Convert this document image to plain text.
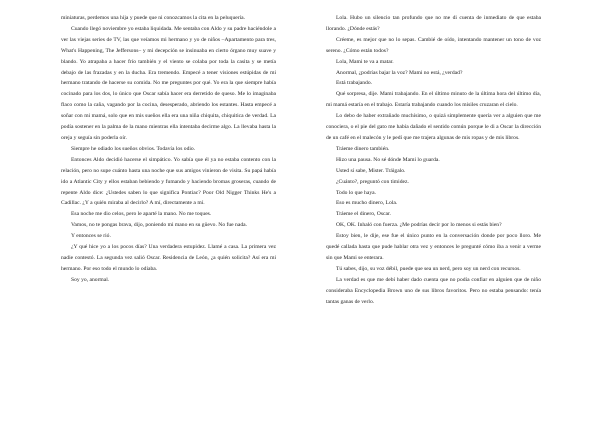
miniaturas, perdemos una hija y puede que ni conozcamos la cita en la peluquería.

Cuando llegó noviembre yo estaba liquidada. Me sentaba con Aldo y su padre haciéndole a ver las viejas series de TV, las que veíamos mi hermano y yo de niños –Apartamento para tres, What's Happening, The Jeffersons– y mi decepción se insinuaba en cierto órgano muy suave y blando. Yo atrapaba a hacer frío también y el viento se colaba por toda la casita y se metía debajo de las frazadas y en la ducha. Era tremendo. Empecé a tener visiones estúpidas de mi hermano tratando de hacerse su comida. No me preguntes por qué. Yo era la que siempre había cocinado para los dos, lo único que Oscar sabía hacer era derretido de queso. Me lo imaginaba flaco como la caña, vagando por la cocina, desesperado, abriendo los estantes. Hasta empecé a soñar con mi mamá, solo que en mis sueños ella era una niña chiquita, chiquitica de verdad. La podía sostener en la palma de la mano mientras ella intentaba decirme algo. La llevaba hasta la oreja y seguía sin poderla oír.

Siempre he odiado los sueños obvios. Todavía los odio.

Entonces Aldo decidió hacerse el simpático. Yo sabía que él ya no estaba contento con la relación, pero no supe cuánto hasta una noche que sus amigos vinieron de visita. Su papá había ido a Atlantic City y ellos estaban bebiendo y fumando y haciendo bromas groseras, cuando de repente Aldo dice: ¿Ustedes saben lo que significa Pontiac? Poor Old Nigger Thinks He's a Cadillac. ¿Y a quién miraba al decirlo? A mí, directamente a mí.

Esa noche me dio celos, pero le aparté la mano. No me toques.

Vamos, no te pongas brava, dijo, poniendo mi mano en su güevo. No fue nada.

Y entonces se rió.

¿Y qué hice yo a los pocos días? Una verdadera estupidez. Llamé a casa. La primera vez nadie contestó. La segunda vez salió Oscar. Residencia de León, ¿a quién solicita? Así era mi hermano. Por eso todo el mundo lo odiaba.

Soy yo, anormal.

Lola. Hubo un silencio tan profundo que no me di cuenta de inmediato de que estaba llorando. ¿Dónde estás?

Créeme, es mejor que no lo sepas. Cambié de oído, intentando mantener un tono de voz sereno. ¿Cómo están todos?

Lola, Mami te va a matar.

Anormal, ¿podrías bajar la voz? Mami no está, ¿verdad?

Está trabajando.

Qué sorpresa, dije. Mami trabajando. En el último minuto de la última hora del último día, mi mamá estaría en el trabajo. Estaría trabajando cuando los misiles cruzaran el cielo.

Lo debo de haber extrañado muchísimo, o quizá simplemente quería ver a alguien que me conociera, o el pie del gato me había dañado el sentido común porque le di a Oscar la dirección de un café en el malecón y le pedí que me trajera algunas de mis ropas y de mis libros.

Tráeme dinero también.

Hizo una pausa. No sé dónde Mami lo guarda.

Usted sí sabe, Mister. Tráigalo.

¿Cuánto?, preguntó con timidez.

Todo lo que haya.

Eso es mucho dinero, Lola.

Tráeme el dinero, Oscar.

OK, OK. Inhaló con fuerza. ¿Me podrías decir por lo menos si estás bien?

Estoy bien, le dije, ese fue el único punto en la conversación donde por poco lloro. Me quedé callada hasta que pude hablar otra vez y entonces le pregunté cómo iba a venir a verme sin que Mami se enterara.

Tú sabes, dijo, su voz débil, puede que sea un nerd, pero soy un nerd con recursos.

La verdad es que me debí haber dado cuenta que no podía confiar en alguien que de niño consideraba Encyclopedia Brown uno de sus libros favoritos. Pero no estaba pensando: tenía tantas ganas de verlo.
